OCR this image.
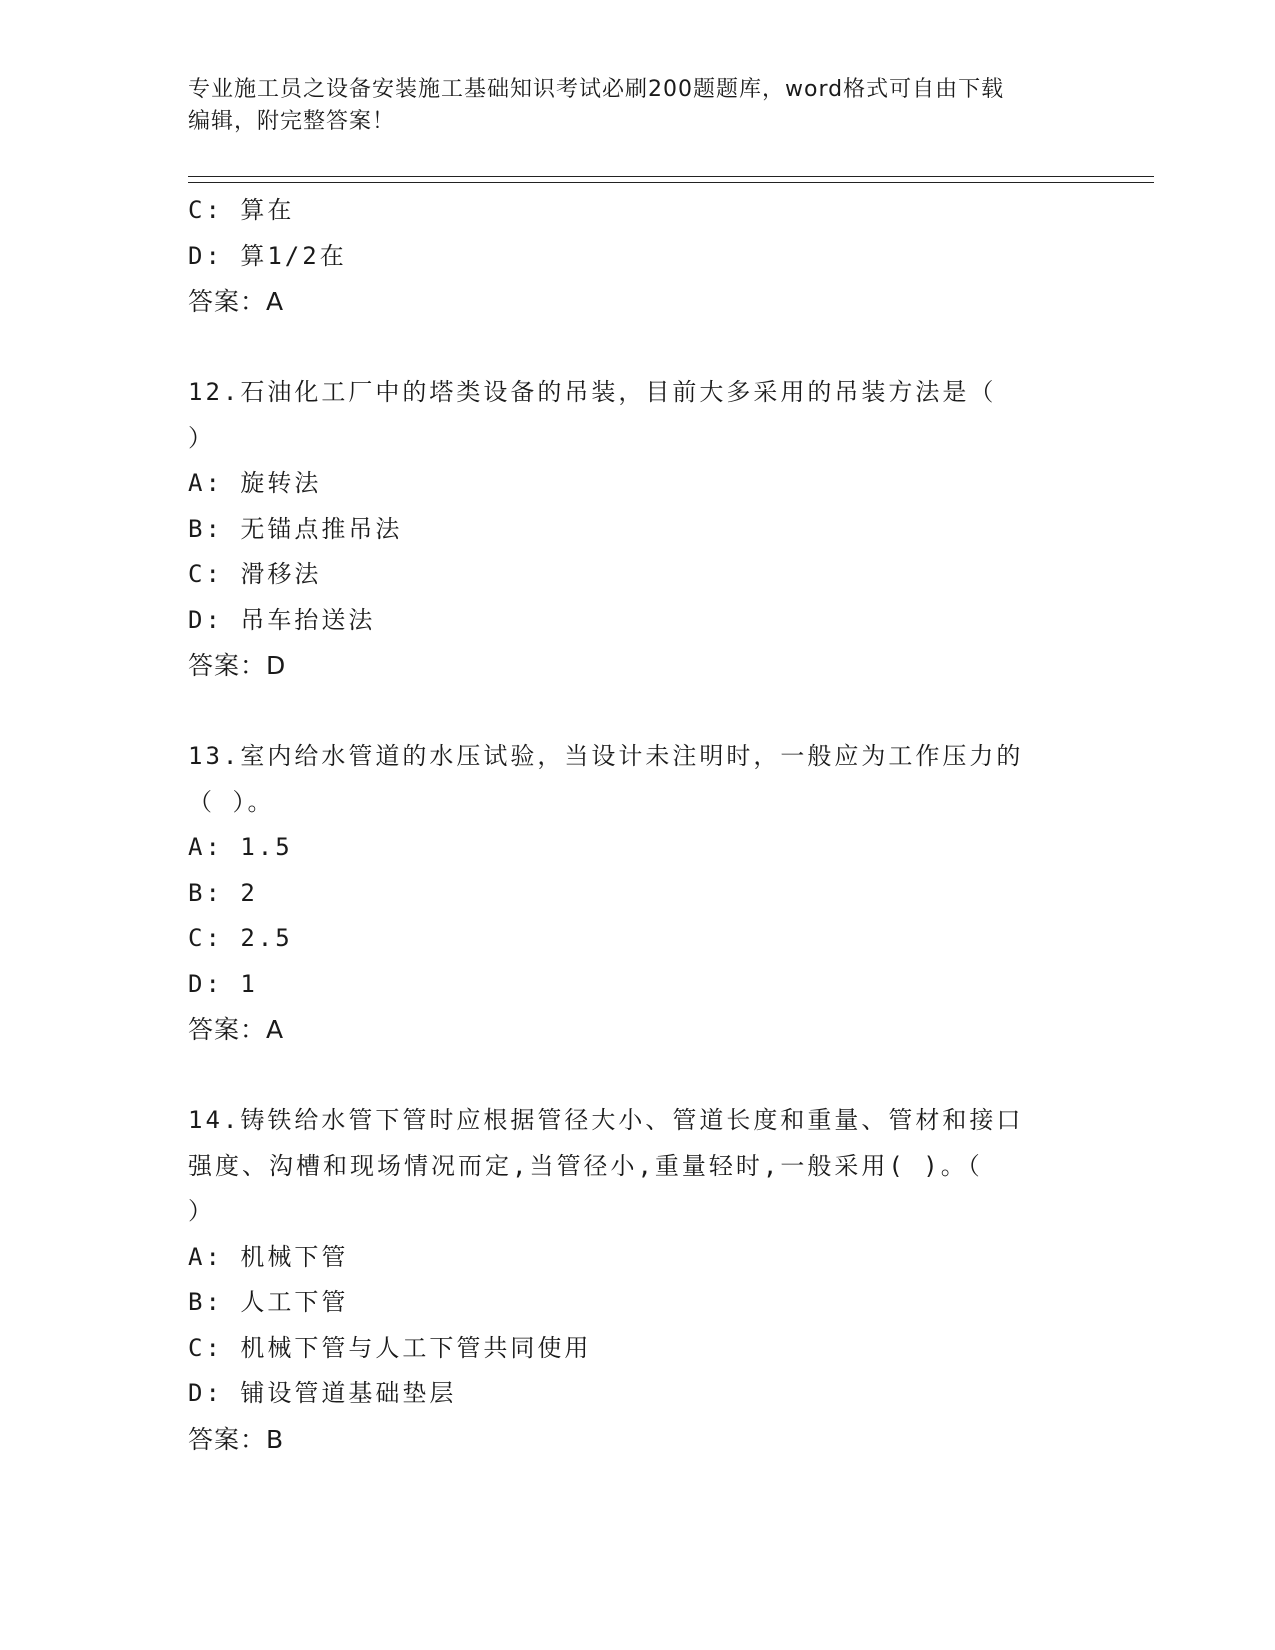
专业施工员之设备安装施工基础知识考试必刷200题题库，word格式可自由下载
编辑，附完整答案！
C: 算在
D: 算1/2在
答案：A
12.石油化工厂中的塔类设备的吊装，目前大多采用的吊装方法是（
）
A: 旋转法
B: 无锚点推吊法
C: 滑移法
D: 吊车抬送法
答案：D
13.室内给水管道的水压试验，当设计未注明时，一般应为工作压力的
（ ）。
A: 1.5
B: 2
C: 2.5
D: 1
答案：A
14.铸铁给水管下管时应根据管径大小、管道长度和重量、管材和接口
强度、沟槽和现场情况而定,当管径小,重量轻时,一般采用( )。（
）
A: 机械下管
B: 人工下管
C: 机械下管与人工下管共同使用
D: 铺设管道基础垫层
答案：B
